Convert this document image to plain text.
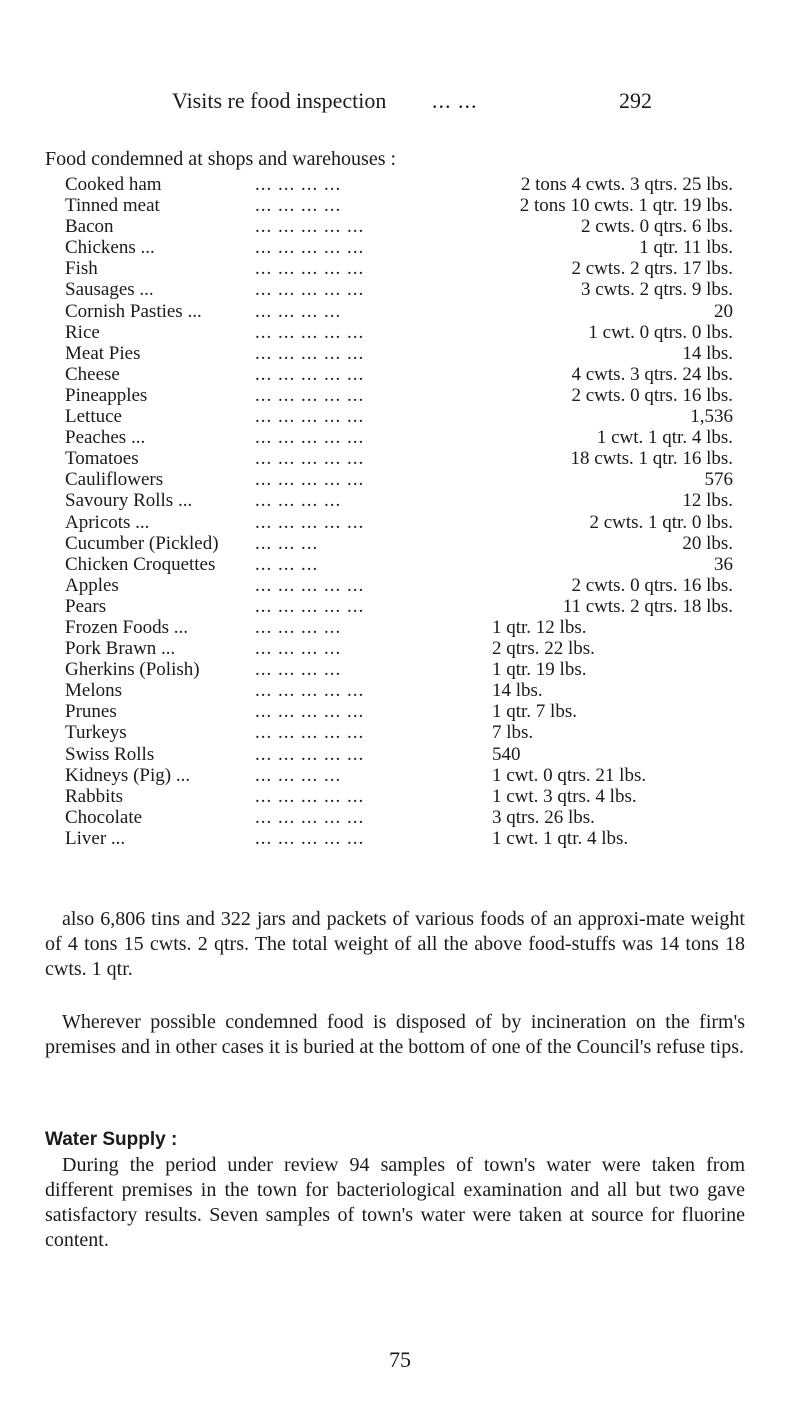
Visits re food inspection ... ...	292
Food condemned at shops and warehouses :
Cooked ham	... ... ... ...	2 tons 4 cwts. 3 qtrs. 25 lbs.
Tinned meat	... ... ... ...	2 tons 10 cwts. 1 qtr. 19 lbs.
Bacon	... ... ... ... ...	2 cwts. 0 qtrs. 6 lbs.
Chickens ...	... ... ... ... ...	1 qtr. 11 lbs.
Fish	... ... ... ... ...	2 cwts. 2 qtrs. 17 lbs.
Sausages ...	... ... ... ... ...	3 cwts. 2 qtrs. 9 lbs.
Cornish Pasties ...	... ... ... ...	20
Rice	... ... ... ... ...	1 cwt. 0 qtrs. 0 lbs.
Meat Pies	... ... ... ... ...	14 lbs.
Cheese	... ... ... ... ...	4 cwts. 3 qtrs. 24 lbs.
Pineapples	... ... ... ... ...	2 cwts. 0 qtrs. 16 lbs.
Lettuce	... ... ... ... ...	1,536
Peaches ...	... ... ... ... ...	1 cwt. 1 qtr. 4 lbs.
Tomatoes	... ... ... ... ...	18 cwts. 1 qtr. 16 lbs.
Cauliflowers	... ... ... ... ...	576
Savoury Rolls ...	... ... ... ...	12 lbs.
Apricots ...	... ... ... ... ...	2 cwts. 1 qtr. 0 lbs.
Cucumber (Pickled) ... ... ...	20 lbs.
Chicken Croquettes ... ... ...	36
Apples	... ... ... ... ...	2 cwts. 0 qtrs. 16 lbs.
Pears	... ... ... ... ...	11 cwts. 2 qtrs. 18 lbs.
Frozen Foods ...	... ... ... ...	1 qtr. 12 lbs.
Pork Brawn ...	... ... ... ...	2 qtrs. 22 lbs.
Gherkins (Polish)	... ... ... ...	1 qtr. 19 lbs.
Melons	... ... ... ... ...	14 lbs.
Prunes	... ... ... ... ...	1 qtr. 7 lbs.
Turkeys	... ... ... ... ...	7 lbs.
Swiss Rolls	... ... ... ... ...	540
Kidneys (Pig) ...	... ... ... ...	1 cwt. 0 qtrs. 21 lbs.
Rabbits	... ... ... ... ...	1 cwt. 3 qtrs. 4 lbs.
Chocolate	... ... ... ... ...	3 qtrs. 26 lbs.
Liver ...	... ... ... ... ...	1 cwt. 1 qtr. 4 lbs.
also 6,806 tins and 322 jars and packets of various foods of an approxi-mate weight of 4 tons 15 cwts. 2 qtrs. The total weight of all the above food-stuffs was 14 tons 18 cwts. 1 qtr.
Wherever possible condemned food is disposed of by incineration on the firm's premises and in other cases it is buried at the bottom of one of the Council's refuse tips.
Water Supply :
During the period under review 94 samples of town's water were taken from different premises in the town for bacteriological examination and all but two gave satisfactory results. Seven samples of town's water were taken at source for fluorine content.
75
